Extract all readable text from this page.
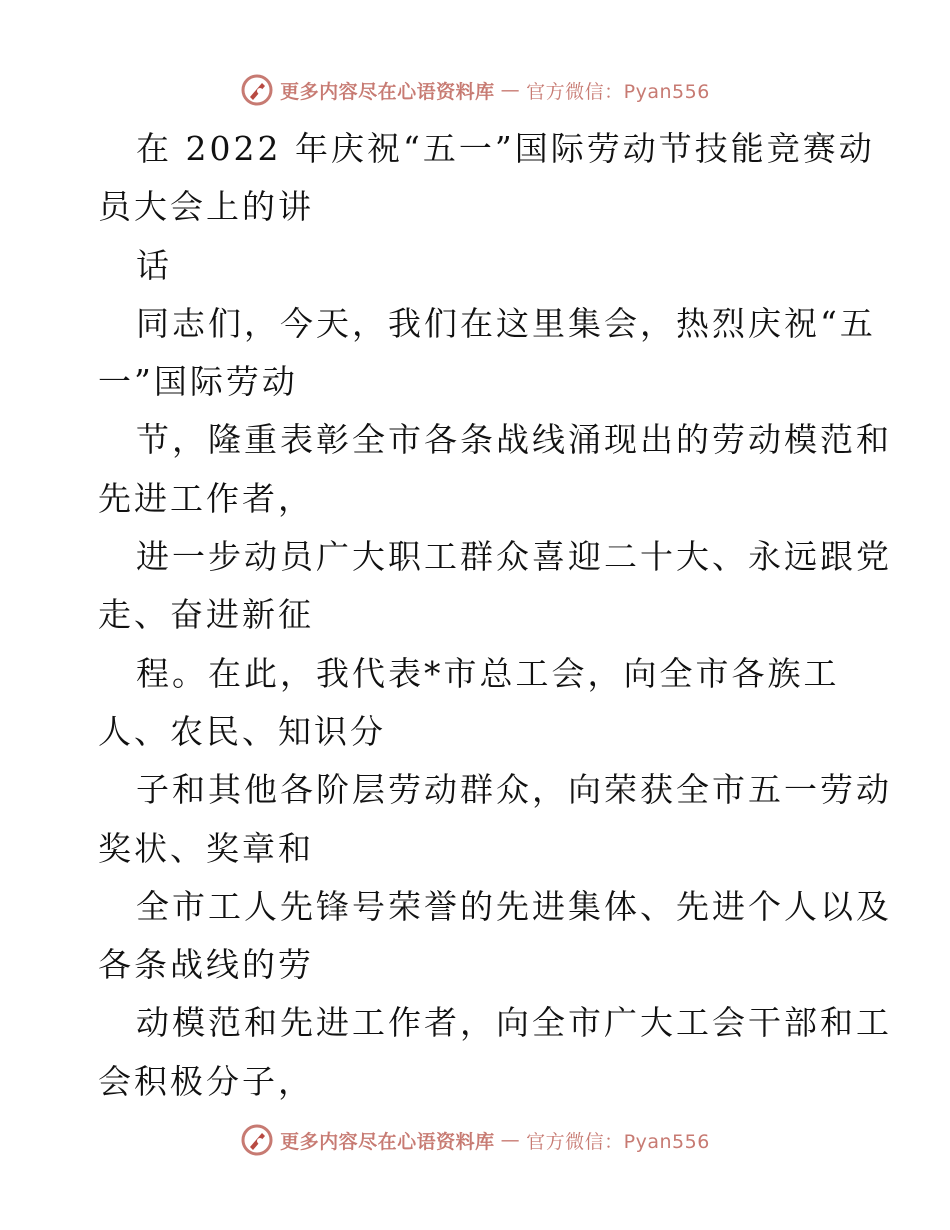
更多内容尽在心语资料库 — 官方微信：Pyan556
在 2022 年庆祝“五一”国际劳动节技能竞赛动
员大会上的讲
话
同志们，今天，我们在这里集会，热烈庆祝“五
一”国际劳动
节，隆重表彰全市各条战线涌现出的劳动模范和
先进工作者，
进一步动员广大职工群众喜迎二十大、永远跟党
走、奋进新征
程。在此，我代表*市总工会，向全市各族工
人、农民、知识分
子和其他各阶层劳动群众，向荣获全市五一劳动
奖状、奖章和
全市工人先锋号荣誉的先进集体、先进个人以及
各条战线的劳
动模范和先进工作者，向全市广大工会干部和工
会积极分子，
更多内容尽在心语资料库 — 官方微信：Pyan556
